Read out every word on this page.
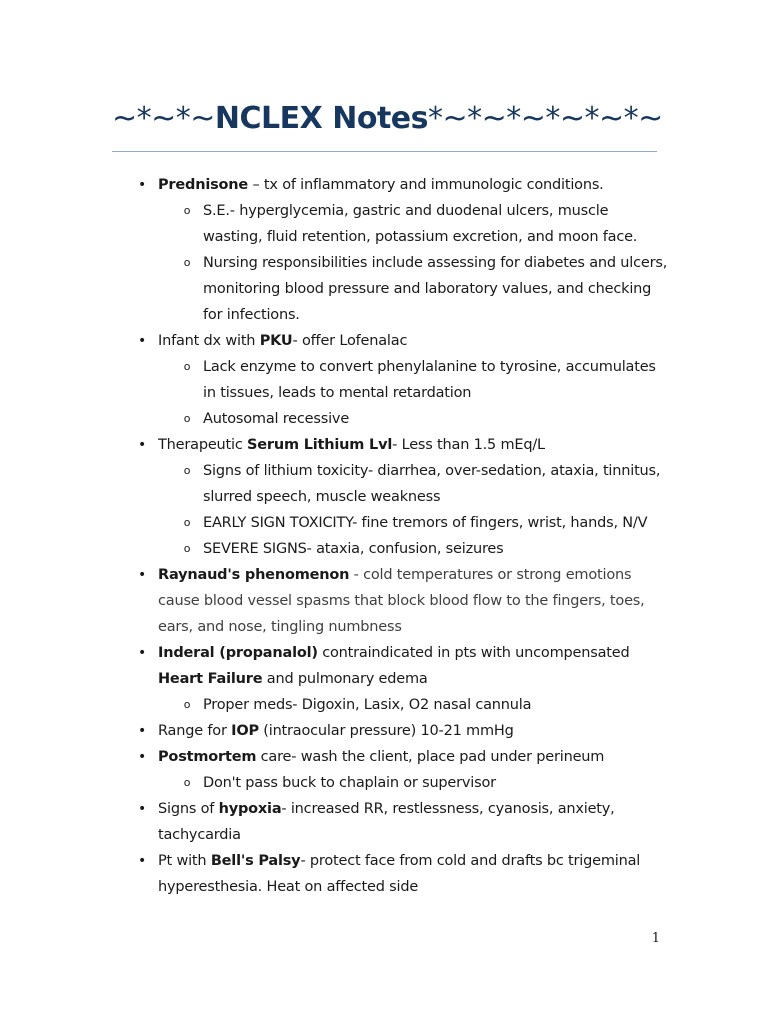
~*~*~NCLEX Notes*~*~*~*~*~*~
• Prednisone – tx of inflammatory and immunologic conditions.
o S.E.- hyperglycemia, gastric and duodenal ulcers, muscle wasting, fluid retention, potassium excretion, and moon face.
o Nursing responsibilities include assessing for diabetes and ulcers, monitoring blood pressure and laboratory values, and checking for infections.
• Infant dx with PKU- offer Lofenalac
o Lack enzyme to convert phenylalanine to tyrosine, accumulates in tissues, leads to mental retardation
o Autosomal recessive
• Therapeutic Serum Lithium Lvl- Less than 1.5 mEq/L
o Signs of lithium toxicity- diarrhea, over-sedation, ataxia, tinnitus, slurred speech, muscle weakness
o EARLY SIGN TOXICITY- fine tremors of fingers, wrist, hands, N/V
o SEVERE SIGNS- ataxia, confusion, seizures
• Raynaud's phenomenon - cold temperatures or strong emotions cause blood vessel spasms that block blood flow to the fingers, toes, ears, and nose, tingling numbness
• Inderal (propanalol) contraindicated in pts with uncompensated Heart Failure and pulmonary edema
o Proper meds- Digoxin, Lasix, O2 nasal cannula
• Range for IOP (intraocular pressure) 10-21 mmHg
• Postmortem care- wash the client, place pad under perineum
o Don't pass buck to chaplain or supervisor
• Signs of hypoxia- increased RR, restlessness, cyanosis, anxiety, tachycardia
• Pt with Bell's Palsy- protect face from cold and drafts bc trigeminal hyperesthesia. Heat on affected side
1
